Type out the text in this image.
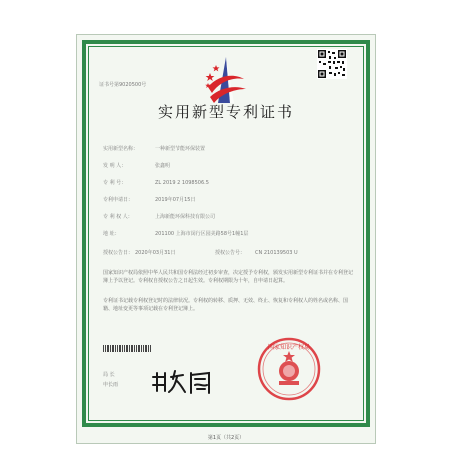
证书号第9020500号
实用新型专利证书
实用新型名称：	一种新型节能环保装置
发 明 人：	张鑫明
专 利 号：	ZL 2019 2 1098506.5
专利申请日：	2019年07月15日
专 利 权 人：	上海新能环保科技有限公司
地 址：	201100 上海市闵行区园美路58号1幢1层
授权公告日： 2020年03月31日	授权公告号： CN 210139503 U
国家知识产权局依照中华人民共和国专利法经过初步审查，决定授予专利权，颁发实用新型专利证书并在专利登记簿上予以登记。专利权自授权公告之日起生效。专利权期限为十年，自申请日起算。
专利证书记载专利权登记时的法律状况。专利权的转移、质押、无效、终止、恢复和专利权人的姓名或名称、国籍、地址变更等事项记载在专利登记簿上。
局 长
申长雨
国家知识产权局
第1页（共2页）
